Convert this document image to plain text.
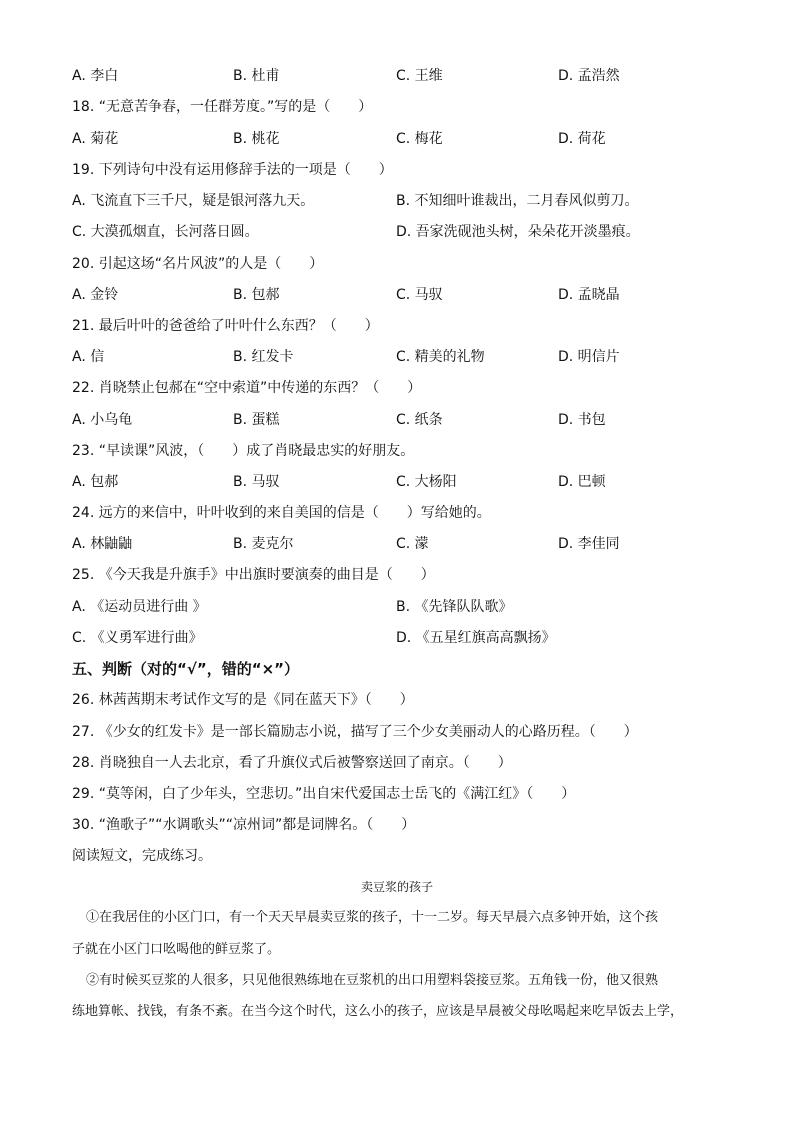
A. 李白	B. 杜甫	C. 王维	D. 孟浩然
18. “无意苦争春，一任群芳度。”写的是（　　）
A. 菊花	B. 桃花	C. 梅花	D. 荷花
19. 下列诗句中没有运用修辞手法的一项是（　　）
A. 飞流直下三千尺，疑是银河落九天。	B. 不知细叶谁裁出，二月春风似剪刀。
C. 大漠孤烟直，长河落日圆。	D. 吾家洗砚池头树，朵朵花开淡墨痕。
20. 引起这场“名片风波”的人是（　　）
A. 金铃	B. 包郝	C. 马驭	D. 孟晓晶
21. 最后叶叶的爸爸给了叶叶什么东西？（　　）
A. 信	B. 红发卡	C. 精美的礼物	D. 明信片
22. 肖晓禁止包郝在“空中索道”中传递的东西？（　　）
A. 小乌龟	B. 蛋糕	C. 纸条	D. 书包
23. “早读课”风波，（　　）成了肖晓最忠实的好朋友。
A. 包郝	B. 马驭	C. 大杨阳	D. 巴顿
24. 远方的来信中，叶叶收到的来自美国的信是（　　）写给她的。
A. 林鼬鼬	B. 麦克尔	C. 濛	D. 李佳同
25. 《今天我是升旗手》中出旗时要演奏的曲目是（　　）
A. 《运动员进行曲 》	B. 《先锋队队歌》
C. 《义勇军进行曲》	D. 《五星红旗高高飘扬》
五、判断（对的“√”，错的“×”）
26. 林茜茜期末考试作文写的是《同在蓝天下》（　　）
27. 《少女的红发卡》是一部长篇励志小说，描写了三个少女美丽动人的心路历程。（　　）
28. 肖晓独自一人去北京，看了升旗仪式后被警察送回了南京。（　　）
29. “莫等闲，白了少年头，空悲切。”出自宋代爱国志士岳飞的《满江红》（　　）
30. “渔歌子”“水调歌头”“凉州词”都是词牌名。（　　）
阅读短文，完成练习。
卖豆浆的孩子
①在我居住的小区门口，有一个天天早晨卖豆浆的孩子，十一二岁。每天早晨六点多钟开始，这个孩
子就在小区门口吆喝他的鲜豆浆了。
②有时候买豆浆的人很多，只见他很熟练地在豆浆机的出口用塑料袋接豆浆。五角钱一份，他又很熟
练地算帐、找钱，有条不紊。在当今这个时代，这么小的孩子，应该是早晨被父母吆喝起来吃早饭去上学，
